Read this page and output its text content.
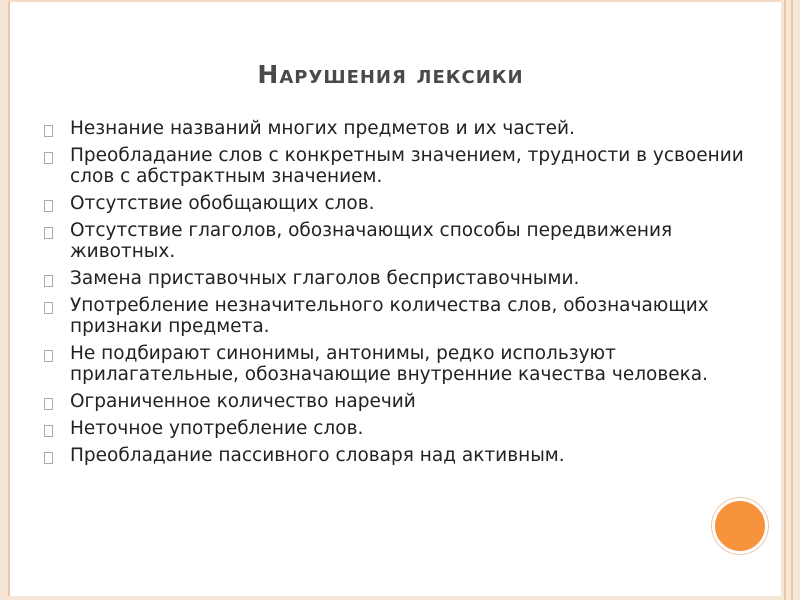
Нарушения лексики
Незнание названий многих предметов и их частей.
Преобладание слов с конкретным значением, трудности в усвоении слов с абстрактным значением.
Отсутствие обобщающих слов.
Отсутствие глаголов, обозначающих способы передвижения животных.
Замена приставочных глаголов бесприставочными.
Употребление незначительного количества слов, обозначающих признаки предмета.
Не подбирают синонимы, антонимы, редко используют прилагательные, обозначающие внутренние качества человека.
Ограниченное количество наречий
Неточное употребление слов.
Преобладание пассивного словаря над активным.
